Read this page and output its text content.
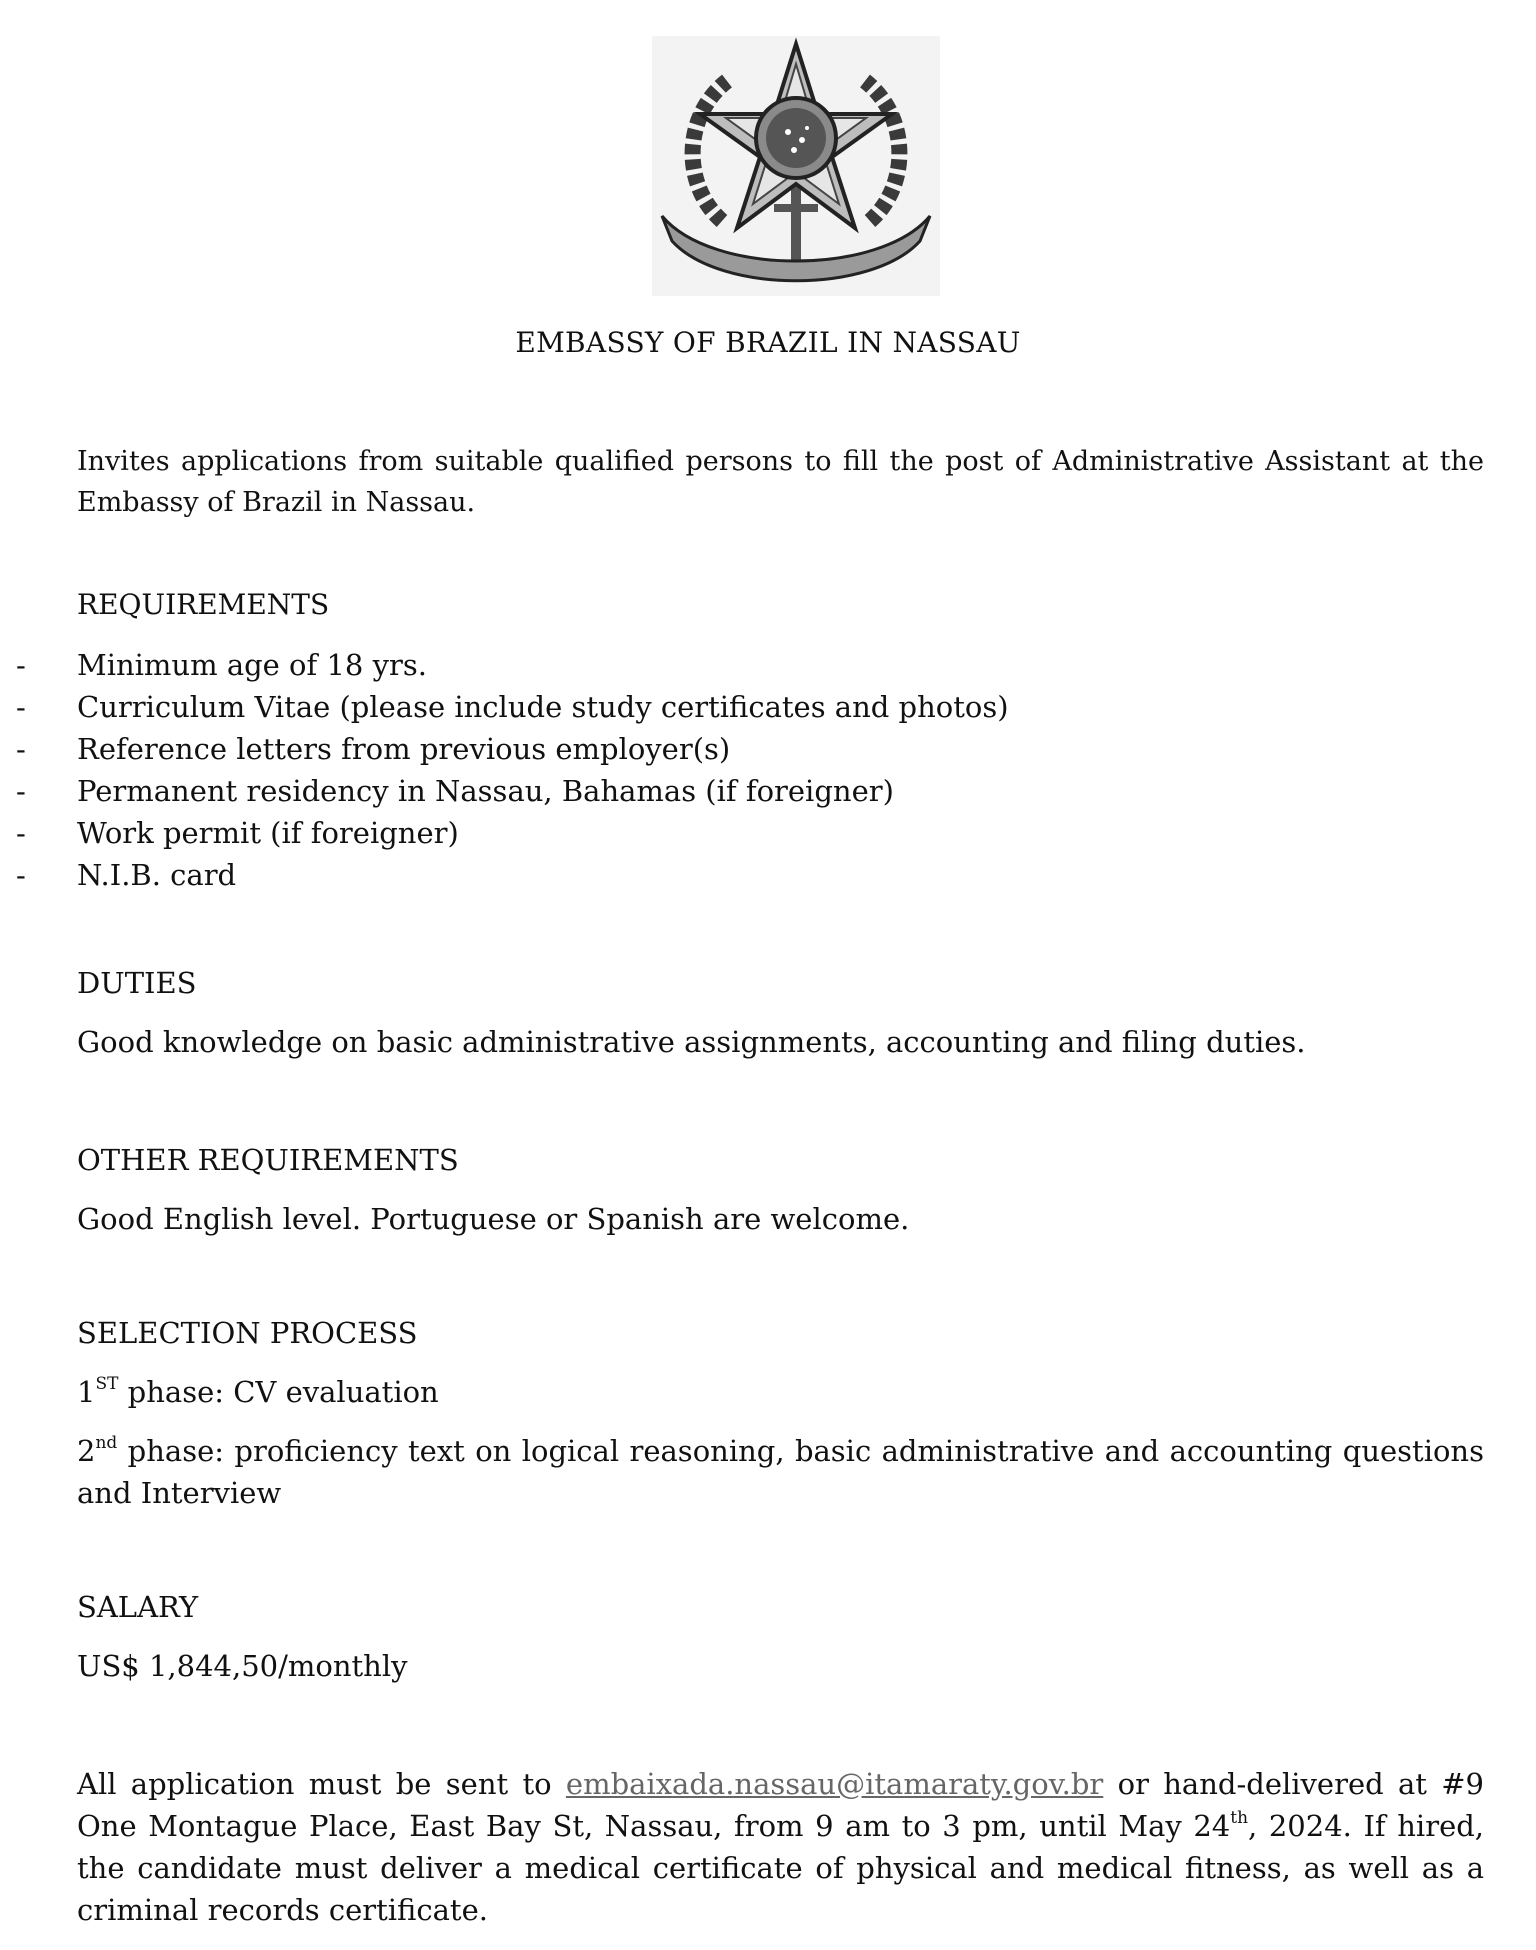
EMBASSY OF BRAZIL IN NASSAU

Invites applications from suitable qualified persons to fill the post of Administrative Assistant at the Embassy of Brazil in Nassau.

REQUIREMENTS

- Minimum age of 18 yrs.
- Curriculum Vitae (please include study certificates and photos)
- Reference letters from previous employer(s)
- Permanent residency in Nassau, Bahamas (if foreigner)
- Work permit (if foreigner)
- N.I.B. card

DUTIES

Good knowledge on basic administrative assignments, accounting and filing duties.

OTHER REQUIREMENTS

Good English level. Portuguese or Spanish are welcome.

SELECTION PROCESS

1ST phase: CV evaluation

2nd phase: proficiency text on logical reasoning, basic administrative and accounting questions and Interview

SALARY

US$ 1,844,50/monthly

All application must be sent to embaixada.nassau@itamaraty.gov.br or hand-delivered at #9 One Montague Place, East Bay St, Nassau, from 9 am to 3 pm, until May 24th, 2024. If hired, the candidate must deliver a medical certificate of physical and medical fitness, as well as a criminal records certificate.
